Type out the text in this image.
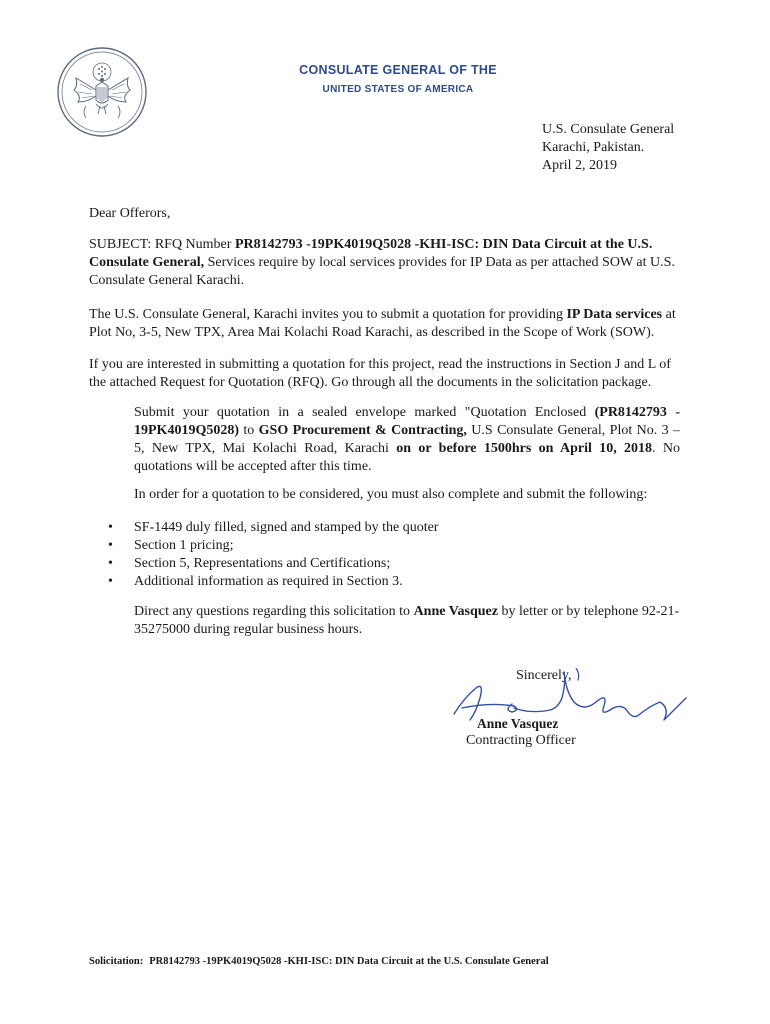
CONSULATE GENERAL OF THE
UNITED STATES OF AMERICA
U.S. Consulate General
Karachi, Pakistan.
April 2, 2019
Dear Offerors,
SUBJECT: RFQ Number PR8142793 -19PK4019Q5028 -KHI-ISC: DIN Data Circuit at the U.S. Consulate General, Services require by local services provides for IP Data as per attached SOW at U.S. Consulate General Karachi.
The U.S. Consulate General, Karachi invites you to submit a quotation for providing IP Data services at Plot No, 3-5, New TPX, Area Mai Kolachi Road Karachi, as described in the Scope of Work (SOW).
If you are interested in submitting a quotation for this project, read the instructions in Section J and L of the attached Request for Quotation (RFQ). Go through all the documents in the solicitation package.
Submit your quotation in a sealed envelope marked "Quotation Enclosed (PR8142793 - 19PK4019Q5028) to GSO Procurement & Contracting, U.S Consulate General, Plot No. 3 – 5, New TPX, Mai Kolachi Road, Karachi on or before 1500hrs on April 10, 2018. No quotations will be accepted after this time.
In order for a quotation to be considered, you must also complete and submit the following:
• SF-1449 duly filled, signed and stamped by the quoter
• Section 1 pricing;
• Section 5, Representations and Certifications;
• Additional information as required in Section 3.
Direct any questions regarding this solicitation to Anne Vasquez by letter or by telephone 92-21-35275000 during regular business hours.
Sincerely,
Anne Vasquez
Contracting Officer
Solicitation: PR8142793 -19PK4019Q5028 -KHI-ISC: DIN Data Circuit at the U.S. Consulate General
